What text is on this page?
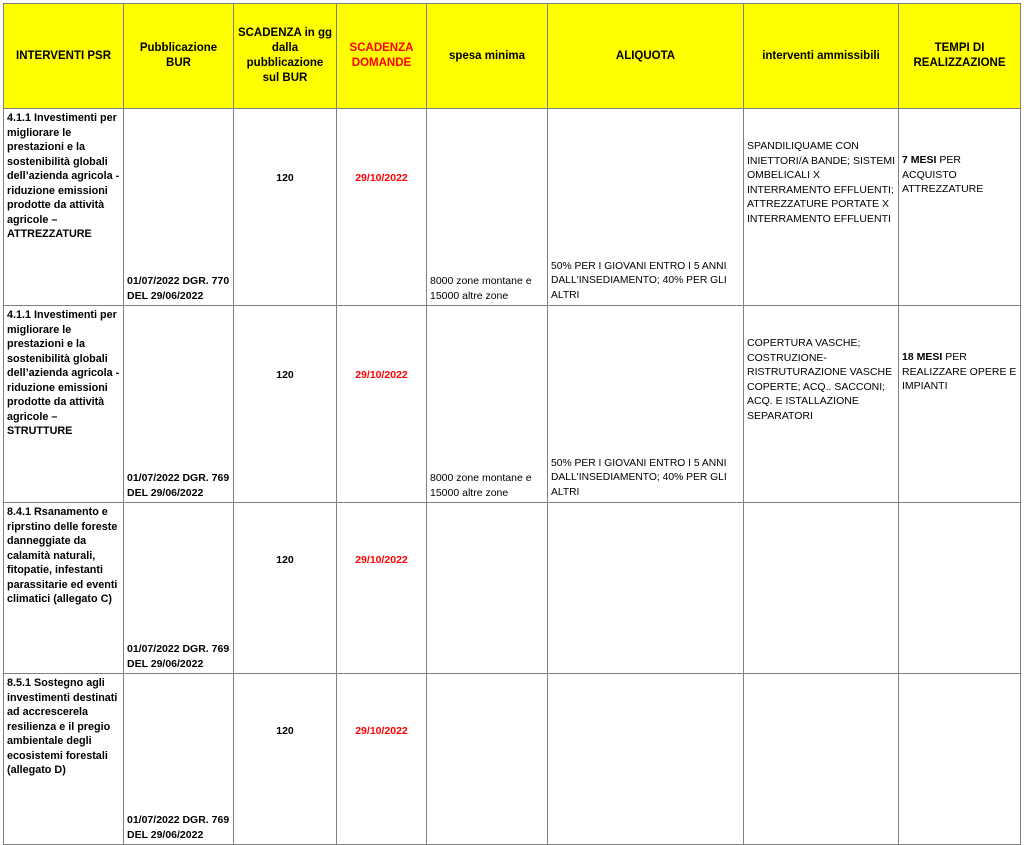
INTERVENTI PSR	Pubblicazione BUR	SCADENZA in gg dalla pubblicazione sul BUR	SCADENZA DOMANDE	spesa minima	ALIQUOTA	interventi ammissibili	TEMPI DI REALIZZAZIONE
4.1.1 Investimenti per migliorare le prestazioni e la sostenibilità globali dell’azienda agricola - riduzione emissioni prodotte da attività agricole – ATTREZZATURE	01/07/2022 DGR. 770 DEL 29/06/2022	120	29/10/2022	8000 zone montane e 15000 altre zone	50% PER I GIOVANI ENTRO I 5 ANNI DALL'INSEDIAMENTO; 40% PER GLI ALTRI	SPANDILIQUAME CON INIETTORI/A BANDE; SISTEMI OMBELICALI X INTERRAMENTO EFFLUENTI; ATTREZZATURE PORTATE X INTERRAMENTO EFFLUENTI	7 MESI PER ACQUISTO ATTREZZATURE
4.1.1 Investimenti per migliorare le prestazioni e la sostenibilità globali dell’azienda agricola - riduzione emissioni prodotte da attività agricole – STRUTTURE	01/07/2022 DGR. 769 DEL 29/06/2022	120	29/10/2022	8000 zone montane e 15000 altre zone	50% PER I GIOVANI ENTRO I 5 ANNI DALL'INSEDIAMENTO; 40% PER GLI ALTRI	COPERTURA VASCHE; COSTRUZIONE-RISTRUTURAZIONE VASCHE COPERTE; ACQ.. SACCONI; ACQ. E ISTALLAZIONE SEPARATORI	18 MESI PER REALIZZARE OPERE E IMPIANTI
8.4.1 Rsanamento e riprstino delle foreste danneggiate da calamità naturali, fitopatie, infestanti parassitarie ed eventi climatici (allegato C)	01/07/2022 DGR. 769 DEL 29/06/2022	120	29/10/2022				
8.5.1 Sostegno agli investimenti destinati ad accrescerela resilienza e il pregio ambientale degli ecosistemi forestali (allegato D)	01/07/2022 DGR. 769 DEL 29/06/2022	120	29/10/2022				
